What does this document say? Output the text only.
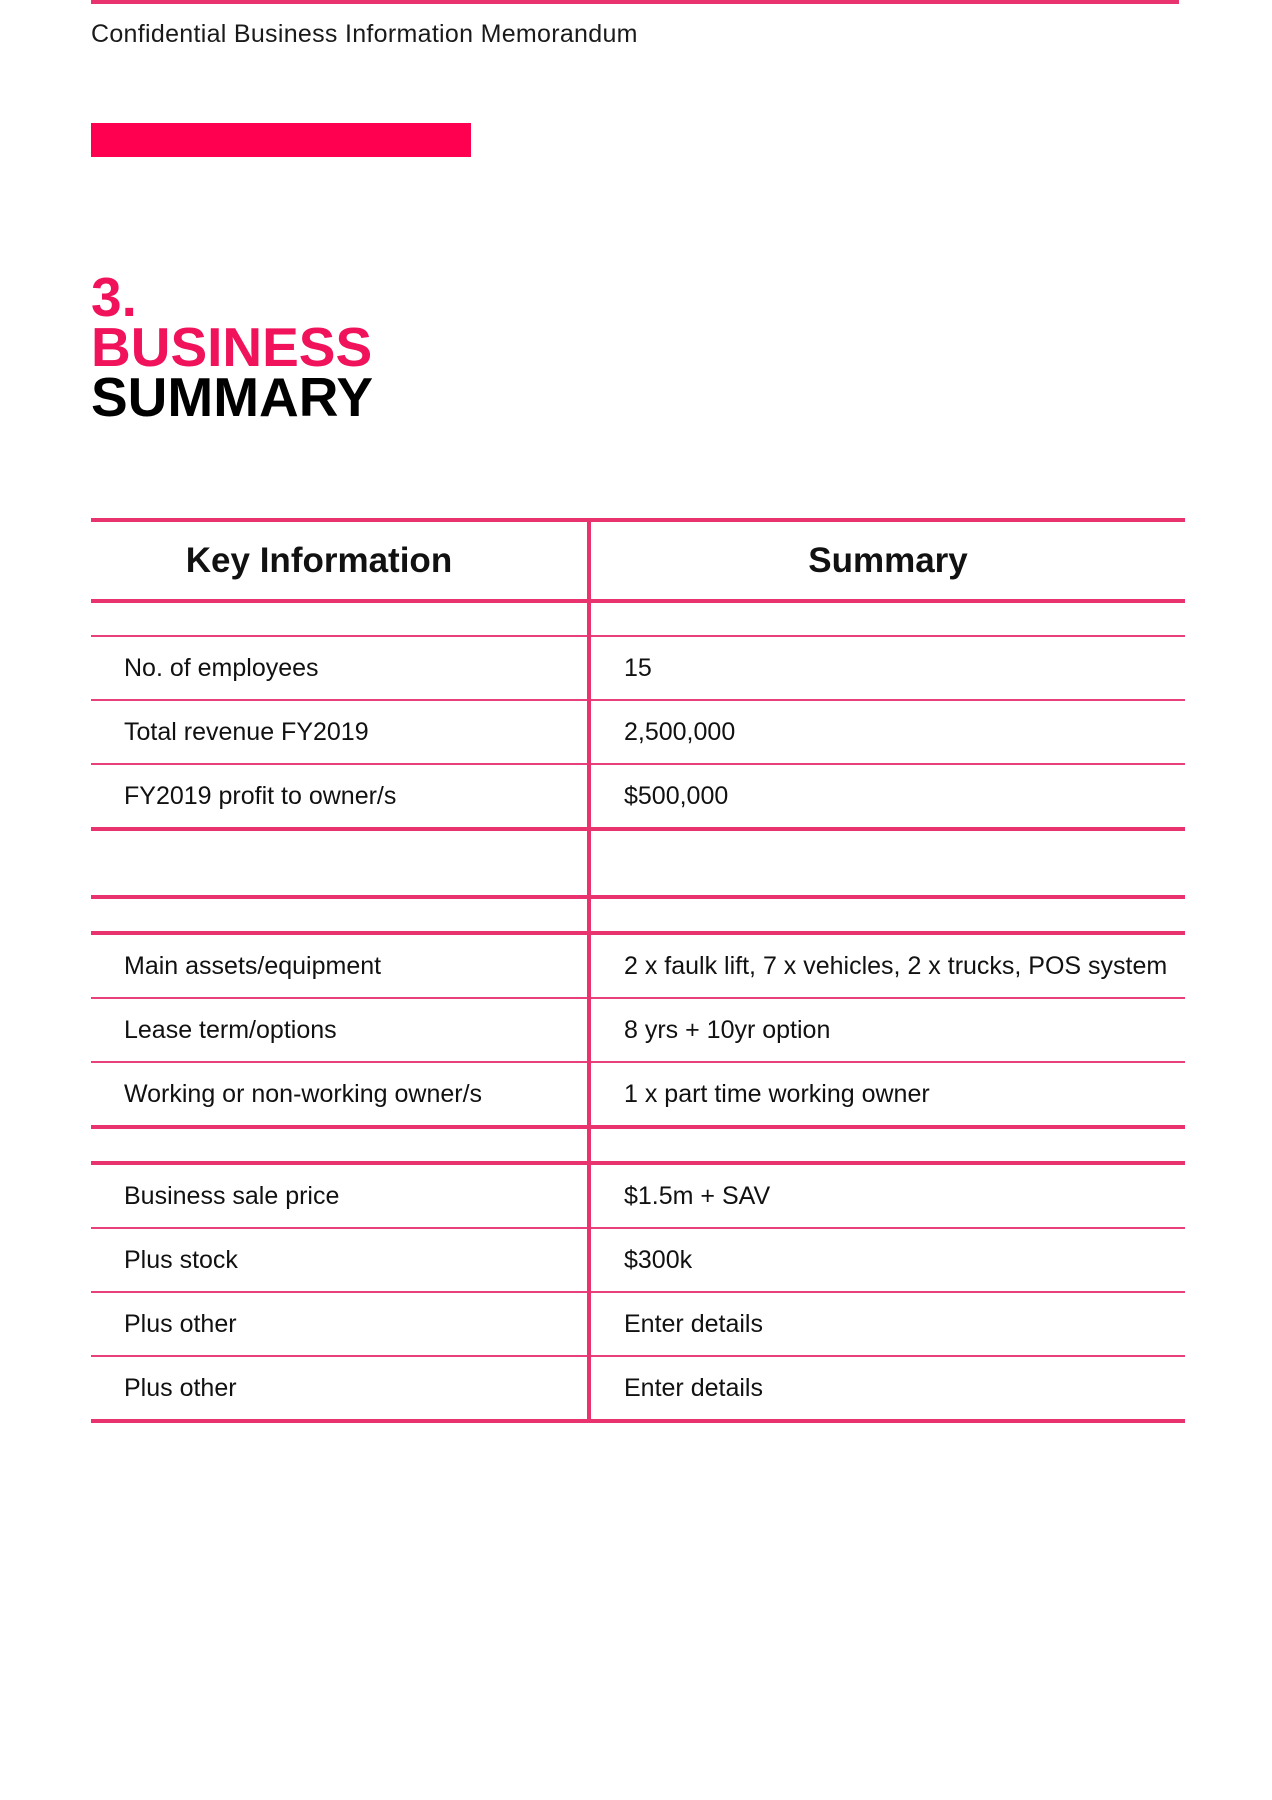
Confidential Business Information Memorandum
3.
BUSINESS
SUMMARY
Key Information	Summary

No. of employees	15
Total revenue FY2019	2,500,000
FY2019 profit to owner/s	$500,000

Main assets/equipment	2 x faulk lift, 7 x vehicles, 2 x trucks, POS system
Lease term/options	8 yrs + 10yr option
Working or non-working owner/s	1 x part time working owner

Business sale price	$1.5m + SAV
Plus stock	$300k
Plus other	Enter details
Plus other	Enter details
